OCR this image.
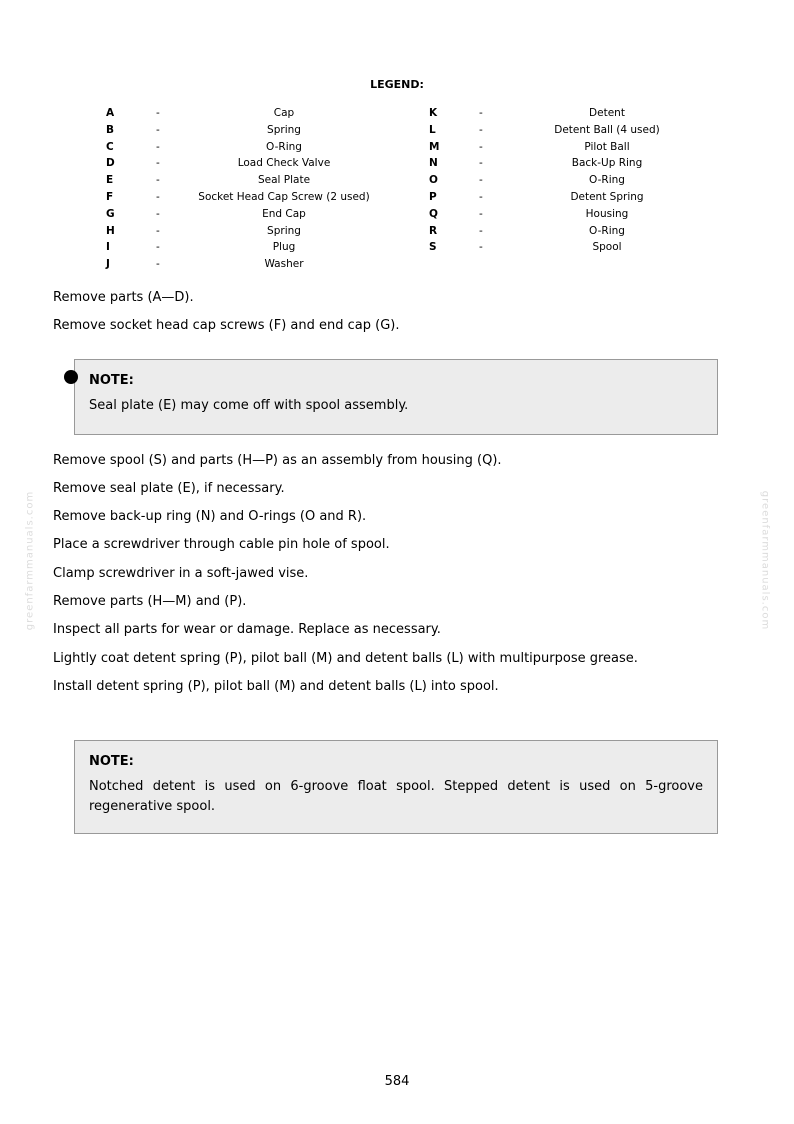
greenfarmmanuals.com	greenfarmmanuals.com
LEGEND:
A	-	Cap
B	-	Spring
C	-	O-Ring
D	-	Load Check Valve
E	-	Seal Plate
F	-	Socket Head Cap Screw (2 used)
G	-	End Cap
H	-	Spring
I	-	Plug
J	-	Washer
K	-	Detent
L	-	Detent Ball (4 used)
M	-	Pilot Ball
N	-	Back-Up Ring
O	-	O-Ring
P	-	Detent Spring
Q	-	Housing
R	-	O-Ring
S	-	Spool
Remove parts (A—D).
Remove socket head cap screws (F) and end cap (G).
NOTE:
Seal plate (E) may come off with spool assembly.
Remove spool (S) and parts (H—P) as an assembly from housing (Q).
Remove seal plate (E), if necessary.
Remove back-up ring (N) and O-rings (O and R).
Place a screwdriver through cable pin hole of spool.
Clamp screwdriver in a soft-jawed vise.
Remove parts (H—M) and (P).
Inspect all parts for wear or damage. Replace as necessary.
Lightly coat detent spring (P), pilot ball (M) and detent balls (L) with multipurpose grease.
Install detent spring (P), pilot ball (M) and detent balls (L) into spool.
NOTE:
Notched detent is used on 6-groove float spool. Stepped detent is used on 5-groove regenerative spool.
584
